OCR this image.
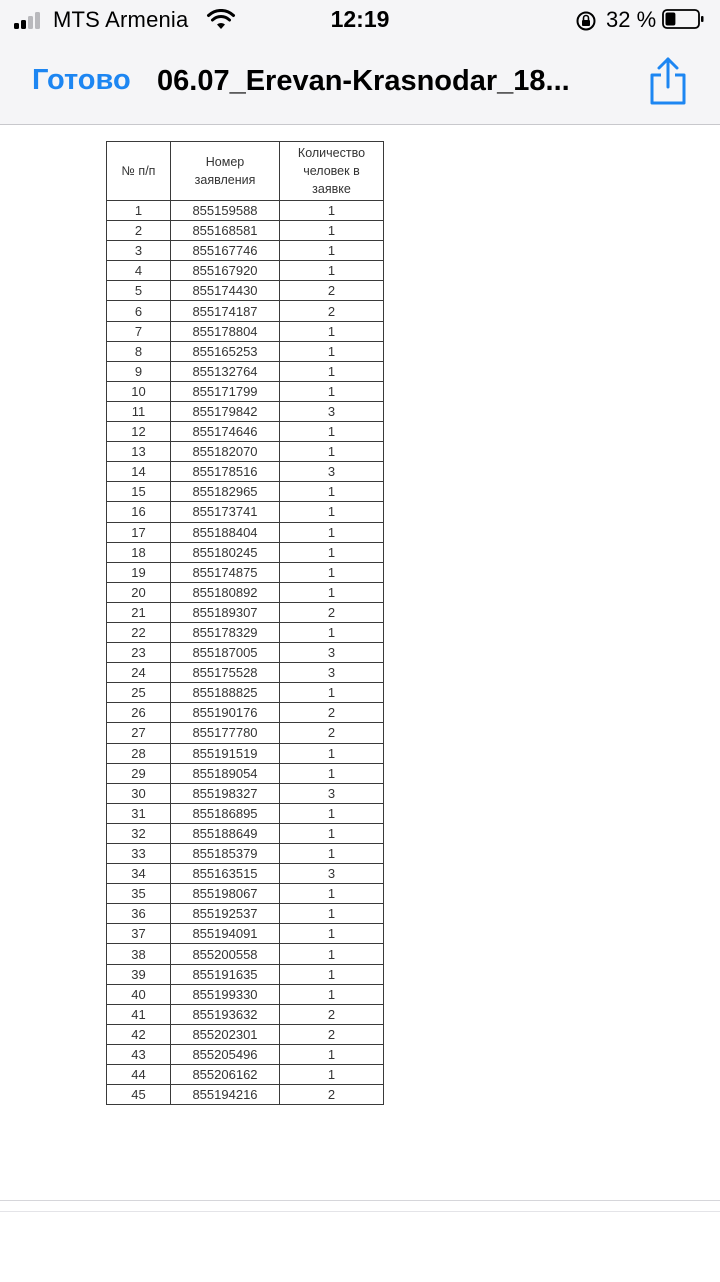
MTS Armenia	12:19	32 %
Готово 06.07_Erevan-Krasnodar_18...
№ п/п	Номер заявления	Количество человек в заявке

1	855159588	1
2	855168581	1
3	855167746	1
4	855167920	1
5	855174430	2
6	855174187	2
7	855178804	1
8	855165253	1
9	855132764	1
10	855171799	1
11	855179842	3
12	855174646	1
13	855182070	1
14	855178516	3
15	855182965	1
16	855173741	1
17	855188404	1
18	855180245	1
19	855174875	1
20	855180892	1
21	855189307	2
22	855178329	1
23	855187005	3
24	855175528	3
25	855188825	1
26	855190176	2
27	855177780	2
28	855191519	1
29	855189054	1
30	855198327	3
31	855186895	1
32	855188649	1
33	855185379	1
34	855163515	3
35	855198067	1
36	855192537	1
37	855194091	1
38	855200558	1
39	855191635	1
40	855199330	1
41	855193632	2
42	855202301	2
43	855205496	1
44	855206162	1
45	855194216	2
